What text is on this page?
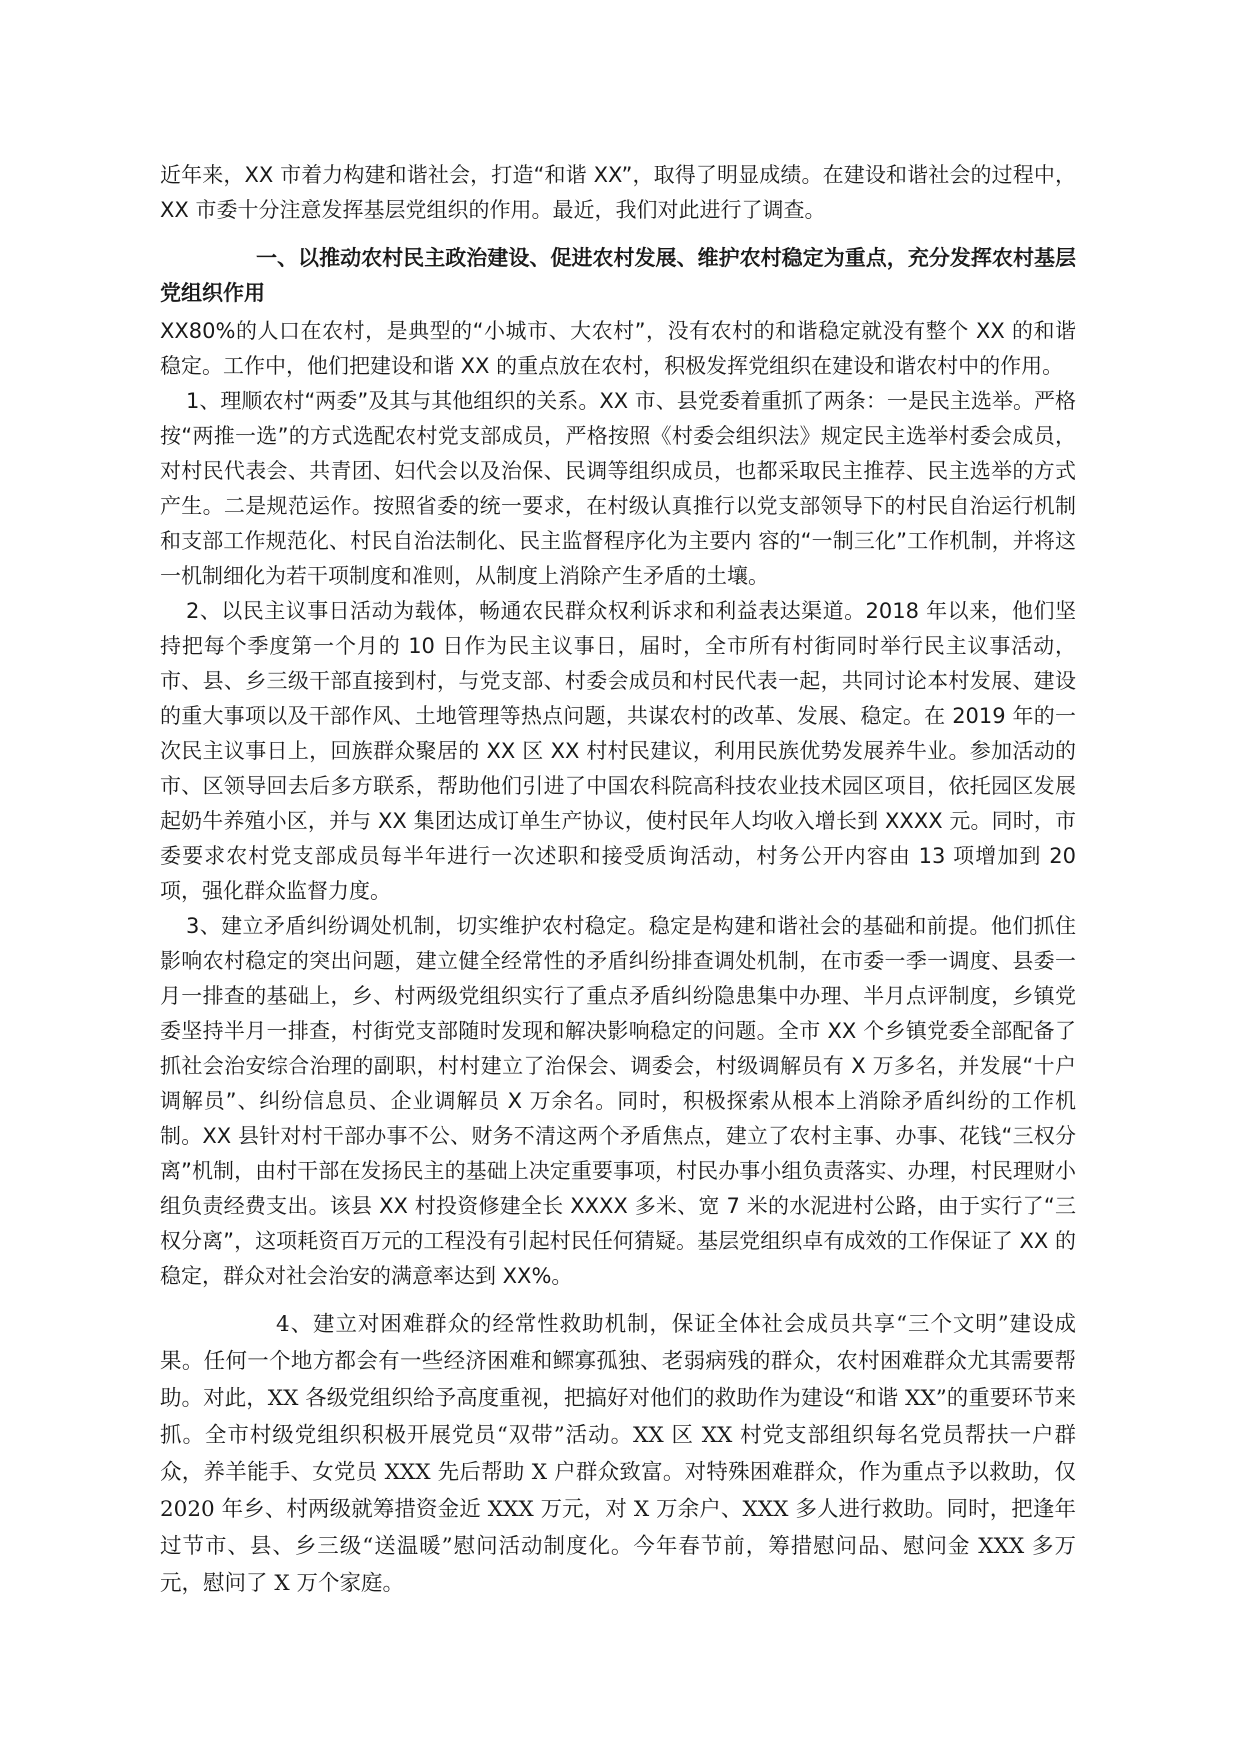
近年来，XX 市着力构建和谐社会，打造“和谐 XX”，取得了明显成绩。在建设和谐社会的过程中，XX 市委十分注意发挥基层党组织的作用。最近，我们对此进行了调查。

一、以推动农村民主政治建设、促进农村发展、维护农村稳定为重点，充分发挥农村基层党组织作用

XX80%的人口在农村，是典型的“小城市、大农村”，没有农村的和谐稳定就没有整个 XX 的和谐稳定。工作中，他们把建设和谐 XX 的重点放在农村，积极发挥党组织在建设和谐农村中的作用。

1、理顺农村“两委”及其与其他组织的关系。XX 市、县党委着重抓了两条：一是民主选举。严格按“两推一选”的方式选配农村党支部成员，严格按照《村委会组织法》规定民主选举村委会成员，对村民代表会、共青团、妇代会以及治保、民调等组织成员，也都采取民主推荐、民主选举的方式产生。二是规范运作。按照省委的统一要求，在村级认真推行以党支部领导下的村民自治运行机制和支部工作规范化、村民自治法制化、民主监督程序化为主要内 容的“一制三化”工作机制，并将这一机制细化为若干项制度和准则，从制度上消除产生矛盾的土壤。

2、以民主议事日活动为载体，畅通农民群众权利诉求和利益表达渠道。2018 年以来，他们坚持把每个季度第一个月的 10 日作为民主议事日，届时，全市所有村街同时举行民主议事活动，市、县、乡三级干部直接到村，与党支部、村委会成员和村民代表一起，共同讨论本村发展、建设的重大事项以及干部作风、土地管理等热点问题，共谋农村的改革、发展、稳定。在 2019 年的一次民主议事日上，回族群众聚居的 XX 区 XX 村村民建议，利用民族优势发展养牛业。参加活动的市、区领导回去后多方联系，帮助他们引进了中国农科院高科技农业技术园区项目，依托园区发展起奶牛养殖小区，并与 XX 集团达成订单生产协议，使村民年人均收入增长到 XXXX 元。同时，市委要求农村党支部成员每半年进行一次述职和接受质询活动，村务公开内容由 13 项增加到 20 项，强化群众监督力度。

3、建立矛盾纠纷调处机制，切实维护农村稳定。稳定是构建和谐社会的基础和前提。他们抓住影响农村稳定的突出问题，建立健全经常性的矛盾纠纷排查调处机制，在市委一季一调度、县委一月一排查的基础上，乡、村两级党组织实行了重点矛盾纠纷隐患集中办理、半月点评制度，乡镇党委坚持半月一排查，村街党支部随时发现和解决影响稳定的问题。全市 XX 个乡镇党委全部配备了抓社会治安综合治理的副职，村村建立了治保会、调委会，村级调解员有 X 万多名，并发展“十户调解员”、纠纷信息员、企业调解员 X 万余名。同时，积极探索从根本上消除矛盾纠纷的工作机制。XX 县针对村干部办事不公、财务不清这两个矛盾焦点，建立了农村主事、办事、花钱“三权分离”机制，由村干部在发扬民主的基础上决定重要事项，村民办事小组负责落实、办理，村民理财小组负责经费支出。该县 XX 村投资修建全长 XXXX 多米、宽 7 米的水泥进村公路，由于实行了“三权分离”，这项耗资百万元的工程没有引起村民任何猜疑。基层党组织卓有成效的工作保证了 XX 的稳定，群众对社会治安的满意率达到 XX%。

4、建立对困难群众的经常性救助机制，保证全体社会成员共享“三个文明”建设成果。任何一个地方都会有一些经济困难和鳏寡孤独、老弱病残的群众，农村困难群众尤其需要帮助。对此，XX 各级党组织给予高度重视，把搞好对他们的救助作为建设“和谐 XX”的重要环节来抓。全市村级党组织积极开展党员“双带”活动。XX 区 XX 村党支部组织每名党员帮扶一户群众，养羊能手、女党员 XXX 先后帮助 X 户群众致富。对特殊困难群众，作为重点予以救助，仅 2020 年乡、村两级就筹措资金近 XXX 万元，对 X 万余户、XXX 多人进行救助。同时，把逢年过节市、县、乡三级“送温暖”慰问活动制度化。今年春节前，筹措慰问品、慰问金 XXX 多万元，慰问了 X 万个家庭。
